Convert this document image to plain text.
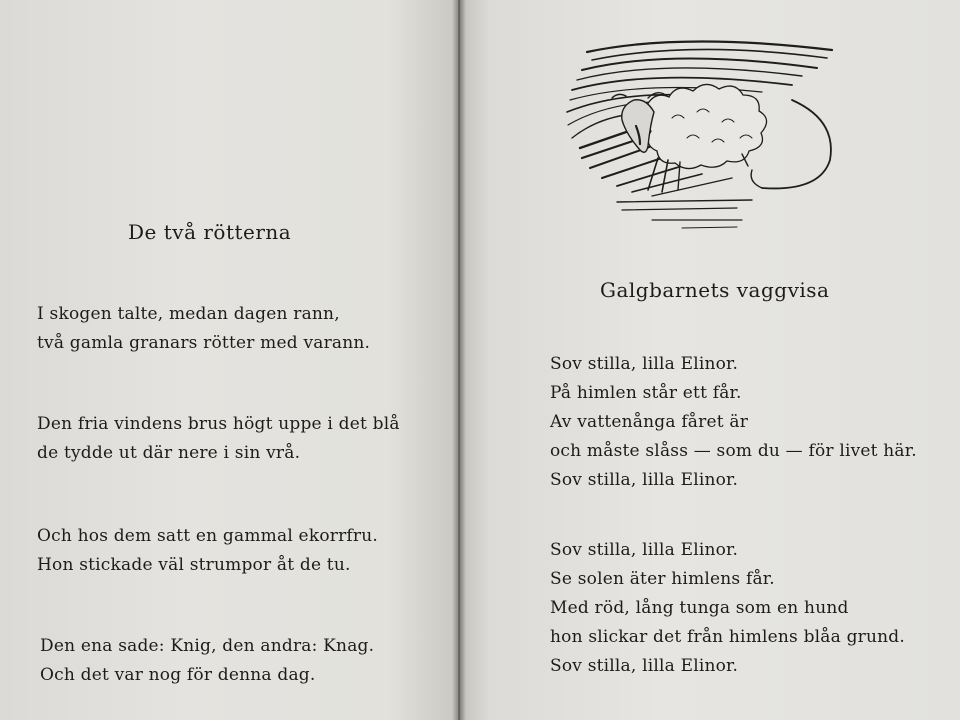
De två rötterna
I skogen talte, medan dagen rann,
två gamla granars rötter med varann.
Den fria vindens brus högt uppe i det blå
de tydde ut där nere i sin vrå.
Och hos dem satt en gammal ekorrfru.
Hon stickade väl strumpor åt de tu.
Den ena sade: Knig, den andra: Knag.
Och det var nog för denna dag.
Galgbarnets vaggvisa
Sov stilla, lilla Elinor.
På himlen står ett får.
Av vattenånga fåret är
och måste slåss — som du — för livet här.
Sov stilla, lilla Elinor.
Sov stilla, lilla Elinor.
Se solen äter himlens får.
Med röd, lång tunga som en hund
hon slickar det från himlens blåa grund.
Sov stilla, lilla Elinor.
